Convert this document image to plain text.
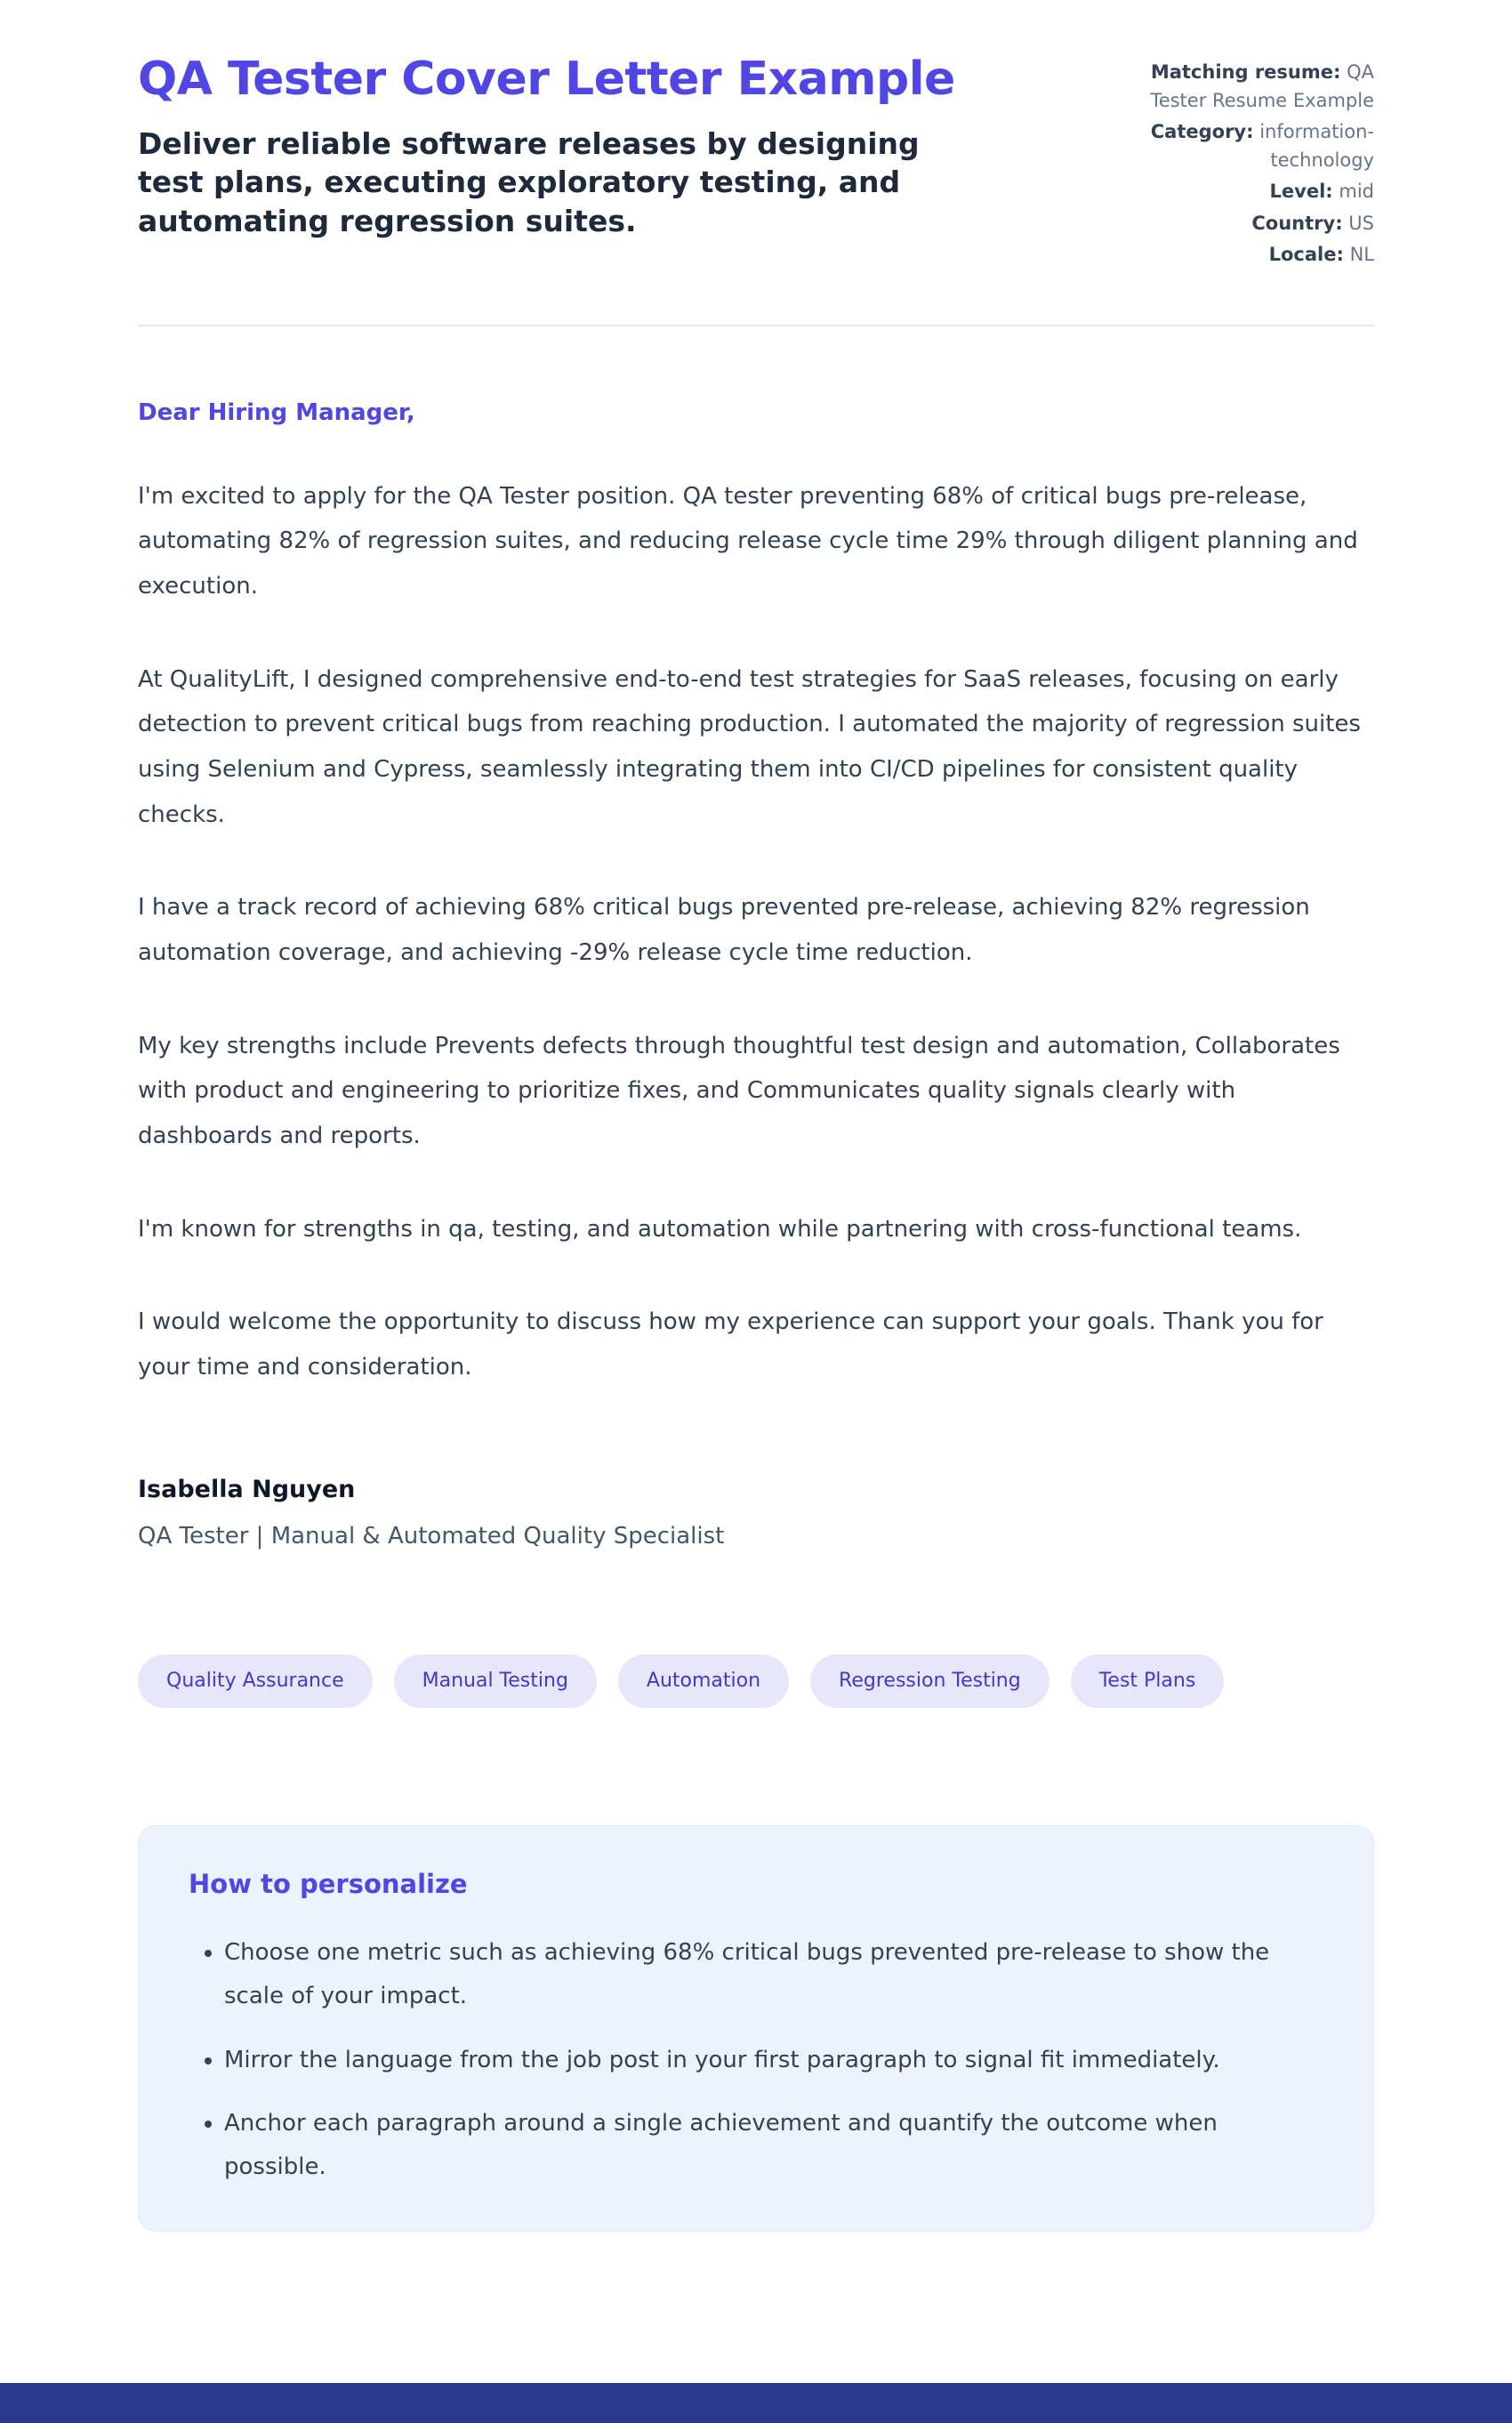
QA Tester Cover Letter Example

Deliver reliable software releases by designing test plans, executing exploratory testing, and automating regression suites.

Matching resume: QA Tester Resume Example
Category: information-technology
Level: mid
Country: US
Locale: NL

Dear Hiring Manager,

I'm excited to apply for the QA Tester position. QA tester preventing 68% of critical bugs pre-release, automating 82% of regression suites, and reducing release cycle time 29% through diligent planning and execution.

At QualityLift, I designed comprehensive end-to-end test strategies for SaaS releases, focusing on early detection to prevent critical bugs from reaching production. I automated the majority of regression suites using Selenium and Cypress, seamlessly integrating them into CI/CD pipelines for consistent quality checks.

I have a track record of achieving 68% critical bugs prevented pre-release, achieving 82% regression automation coverage, and achieving -29% release cycle time reduction.

My key strengths include Prevents defects through thoughtful test design and automation, Collaborates with product and engineering to prioritize fixes, and Communicates quality signals clearly with dashboards and reports.

I'm known for strengths in qa, testing, and automation while partnering with cross-functional teams.

I would welcome the opportunity to discuss how my experience can support your goals. Thank you for your time and consideration.

Isabella Nguyen

QA Tester | Manual & Automated Quality Specialist

Quality Assurance	Manual Testing	Automation	Regression Testing	Test Plans
How to personalize
• Choose one metric such as achieving 68% critical bugs prevented pre-release to show the scale of your impact.
• Mirror the language from the job post in your first paragraph to signal fit immediately.
• Anchor each paragraph around a single achievement and quantify the outcome when possible.
